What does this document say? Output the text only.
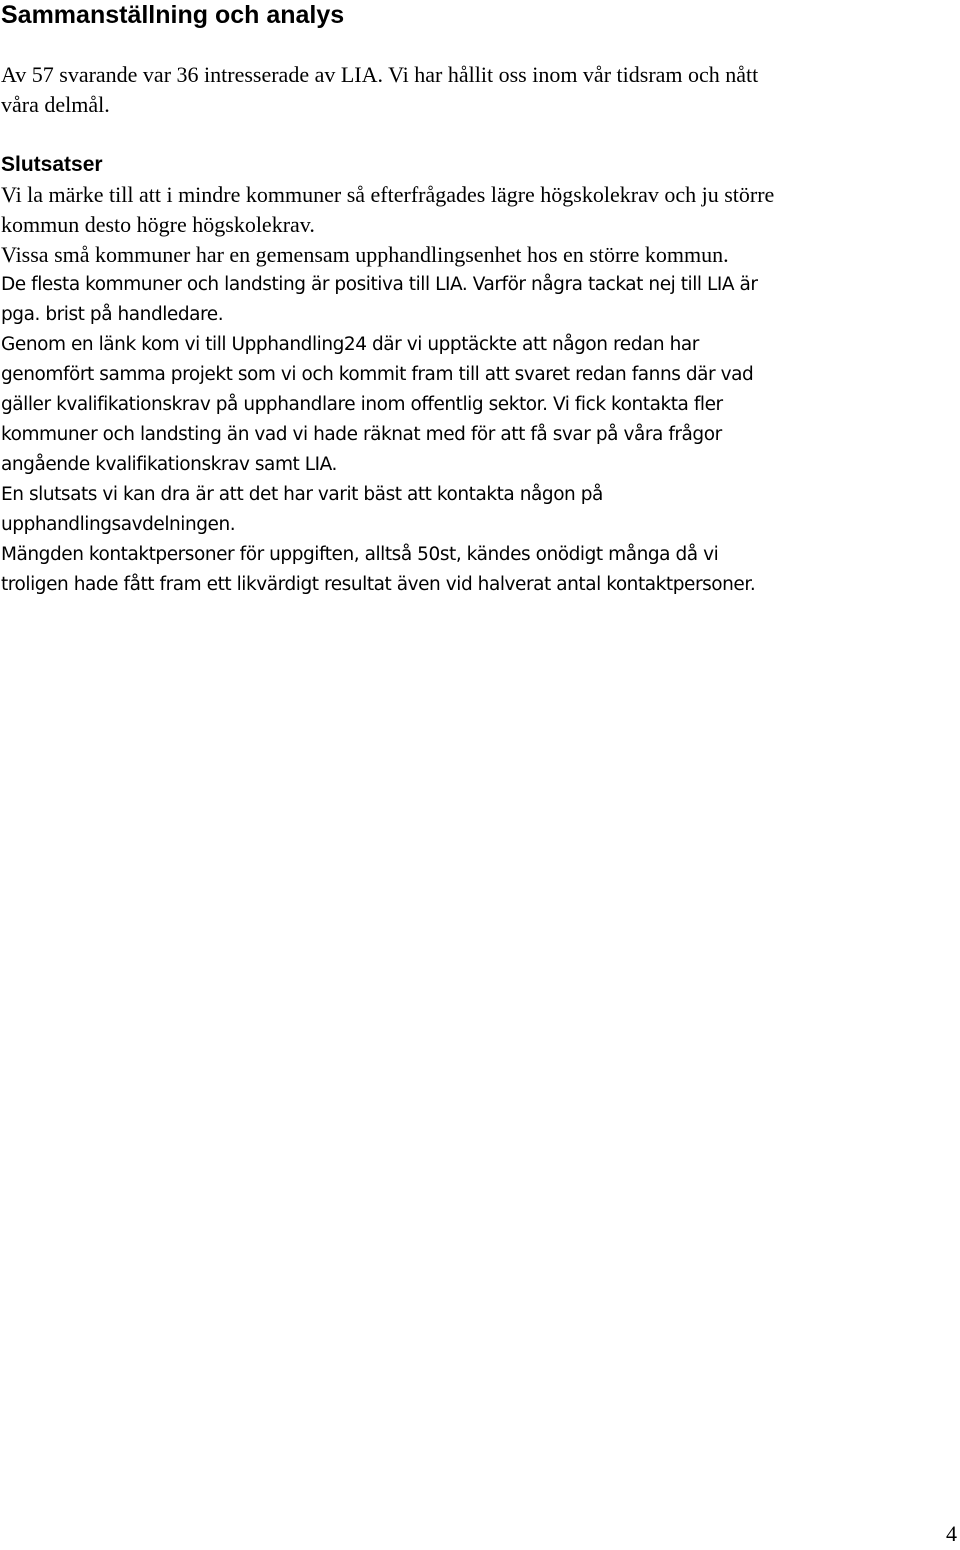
Sammanställning och analys

Av 57 svarande var 36 intresserade av LIA. Vi har hållit oss inom vår tidsram och nått
våra delmål.

Slutsatser
Vi la märke till att i mindre kommuner så efterfrågades lägre högskolekrav och ju större
kommun desto högre högskolekrav.
Vissa små kommuner har en gemensam upphandlingsenhet hos en större kommun.

De flesta kommuner och landsting är positiva till LIA. Varför några tackat nej till LIA är
pga. brist på handledare.
Genom en länk kom vi till Upphandling24 där vi upptäckte att någon redan har
genomfört samma projekt som vi och kommit fram till att svaret redan fanns där vad
gäller kvalifikationskrav på upphandlare inom offentlig sektor. Vi fick kontakta fler
kommuner och landsting än vad vi hade räknat med för att få svar på våra frågor
angående kvalifikationskrav samt LIA.
En slutsats vi kan dra är att det har varit bäst att kontakta någon på
upphandlingsavdelningen.
Mängden kontaktpersoner för uppgiften, alltså 50st, kändes onödigt många då vi
troligen hade fått fram ett likvärdigt resultat även vid halverat antal kontaktpersoner.

4
